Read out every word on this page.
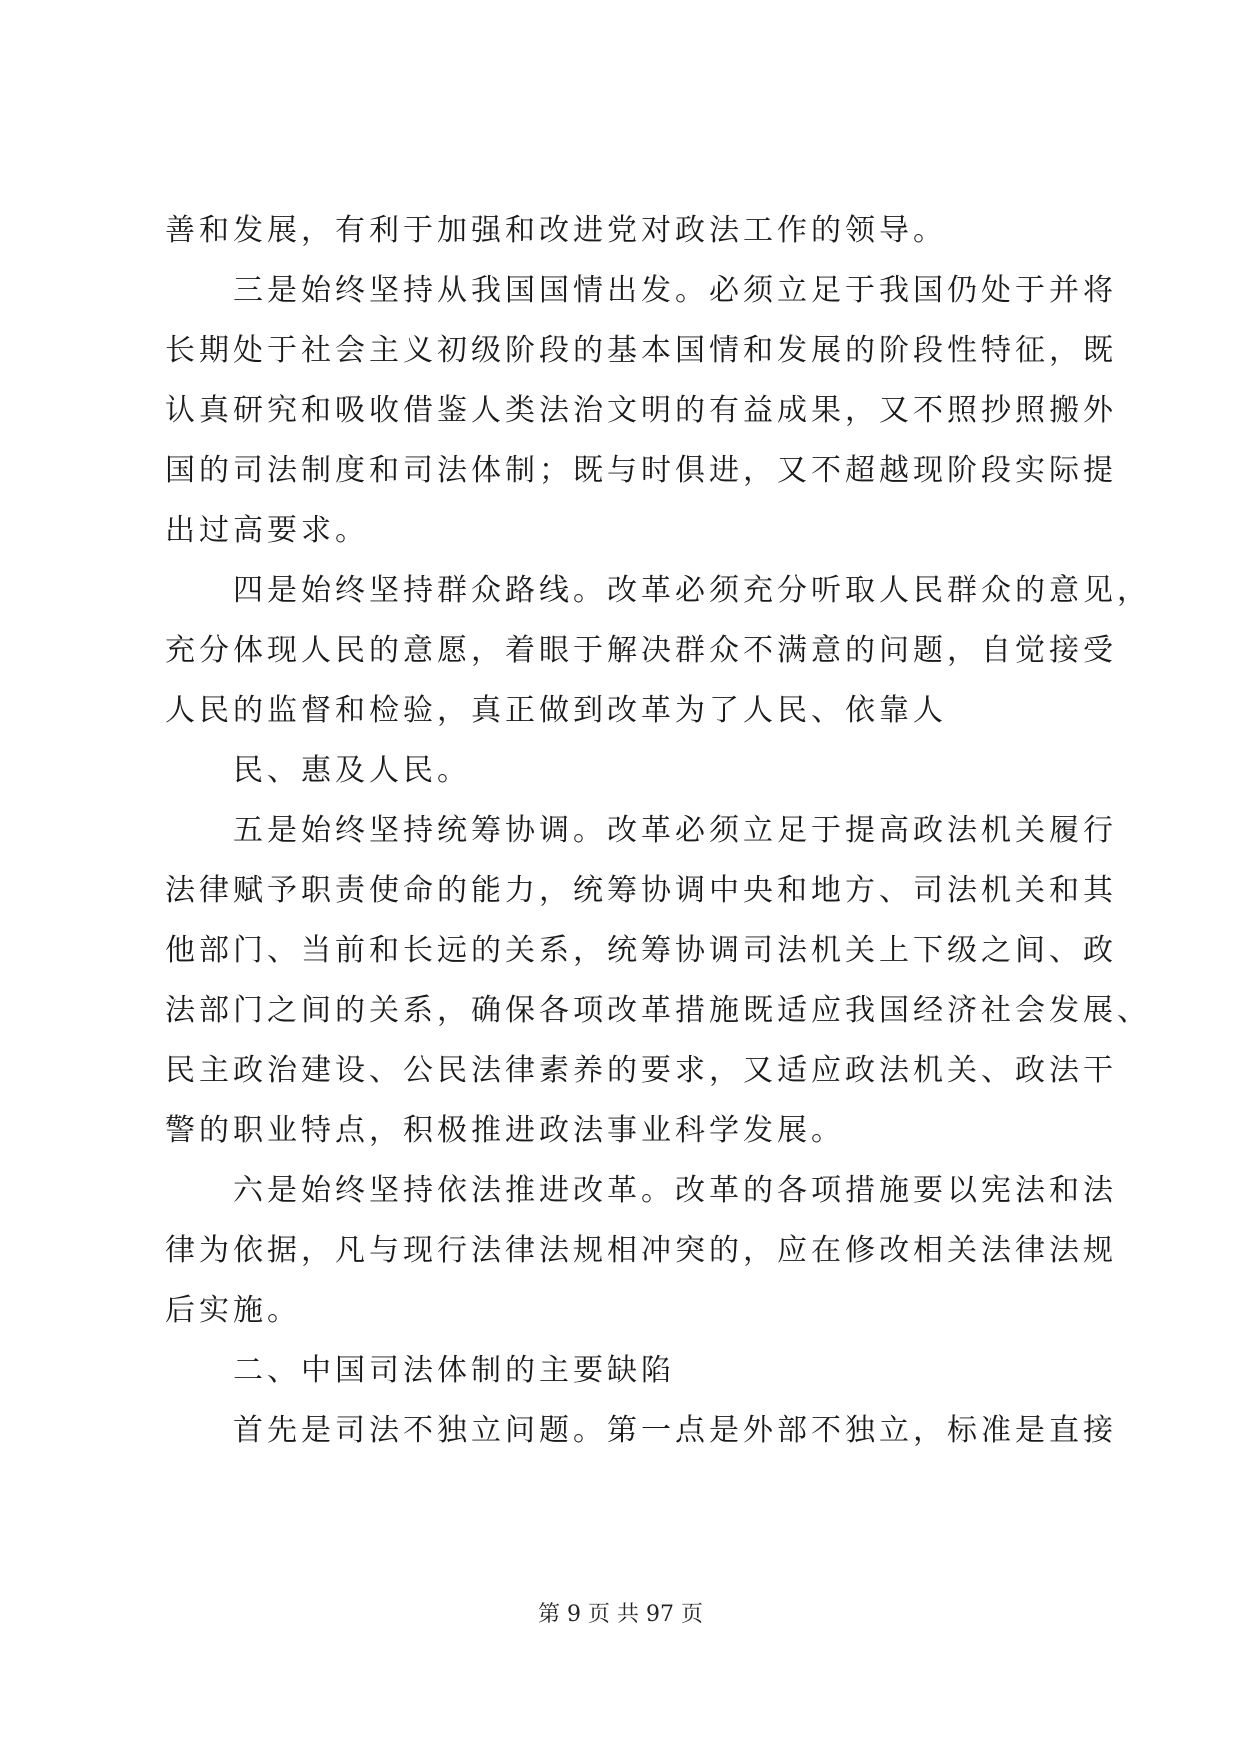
善和发展，有利于加强和改进党对政法工作的领导。
三是始终坚持从我国国情出发。必须立足于我国仍处于并将
长期处于社会主义初级阶段的基本国情和发展的阶段性特征，既
认真研究和吸收借鉴人类法治文明的有益成果，又不照抄照搬外
国的司法制度和司法体制；既与时俱进，又不超越现阶段实际提
出过高要求。
四是始终坚持群众路线。改革必须充分听取人民群众的意见，
充分体现人民的意愿，着眼于解决群众不满意的问题，自觉接受
人民的监督和检验，真正做到改革为了人民、依靠人
民、惠及人民。
五是始终坚持统筹协调。改革必须立足于提高政法机关履行
法律赋予职责使命的能力，统筹协调中央和地方、司法机关和其
他部门、当前和长远的关系，统筹协调司法机关上下级之间、政
法部门之间的关系，确保各项改革措施既适应我国经济社会发展、
民主政治建设、公民法律素养的要求，又适应政法机关、政法干
警的职业特点，积极推进政法事业科学发展。
六是始终坚持依法推进改革。改革的各项措施要以宪法和法
律为依据，凡与现行法律法规相冲突的，应在修改相关法律法规
后实施。
二、中国司法体制的主要缺陷
首先是司法不独立问题。第一点是外部不独立，标准是直接
第 9 页 共 97 页
